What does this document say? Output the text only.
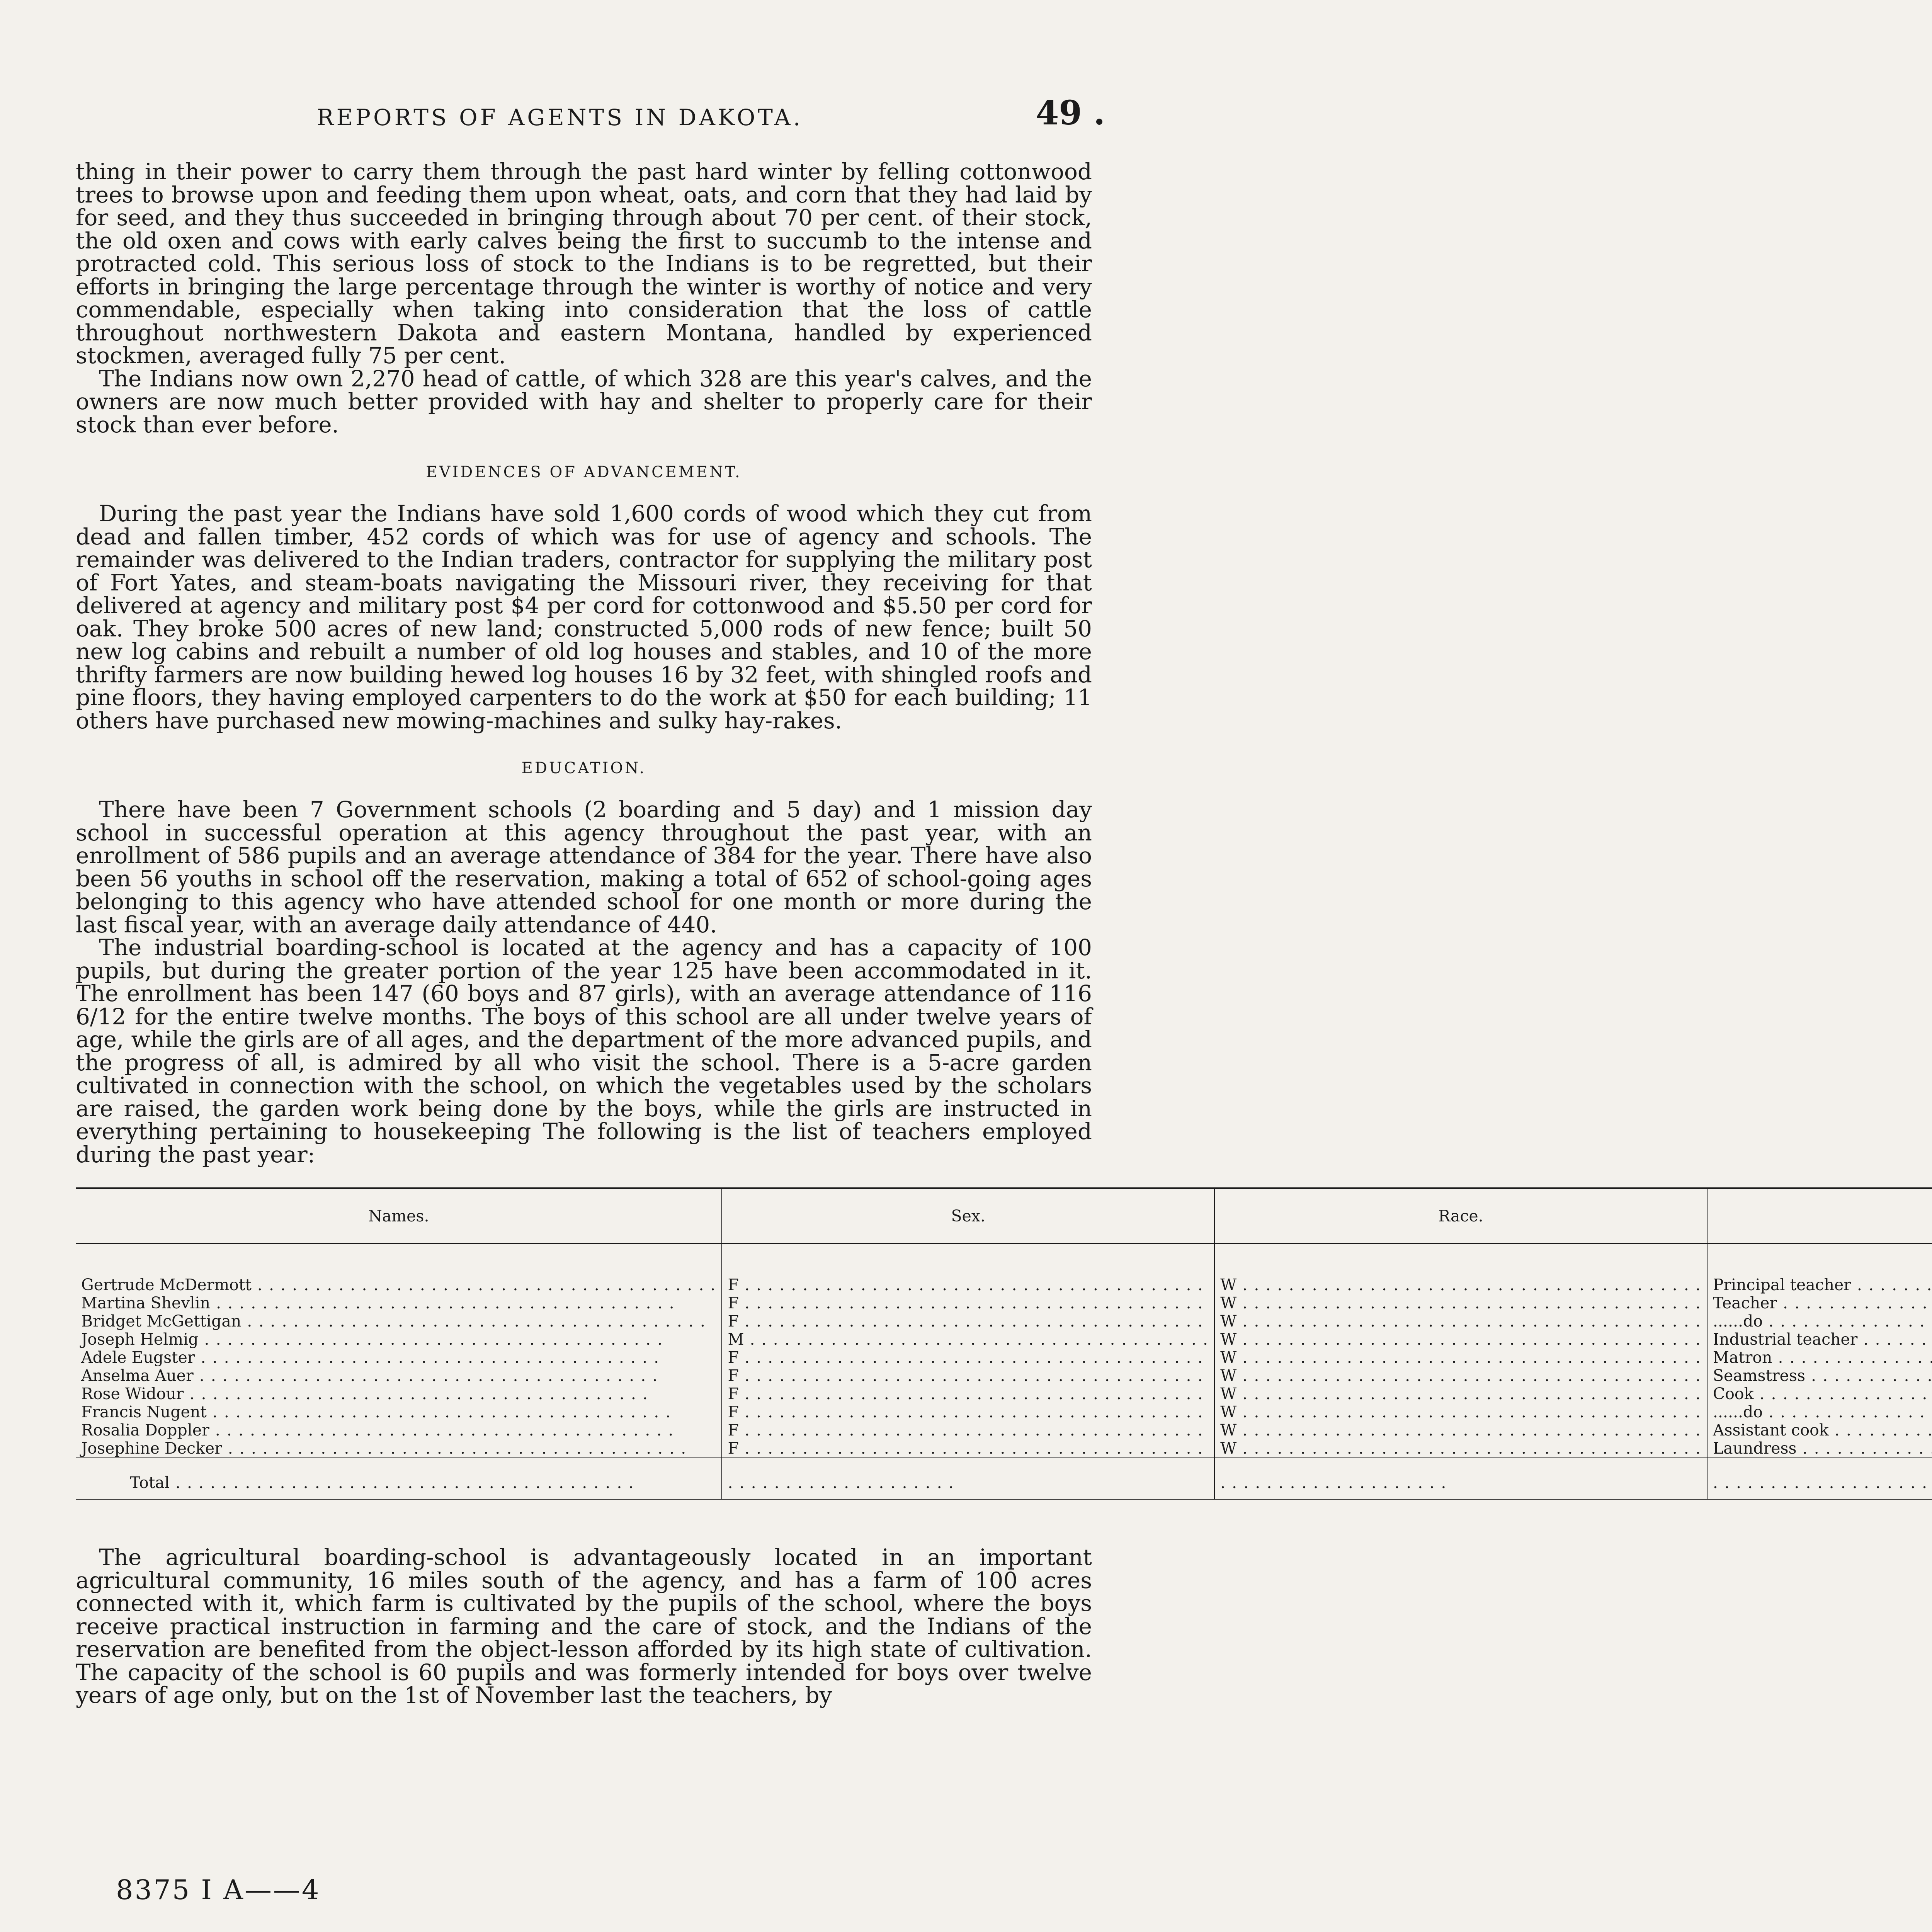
REPORTS OF AGENTS IN DAKOTA.	49 .

thing in their power to carry them through the past hard winter by felling cottonwood trees to browse upon and feeding them upon wheat, oats, and corn that they had laid by for seed, and they thus succeeded in bringing through about 70 per cent. of their stock, the old oxen and cows with early calves being the first to succumb to the intense and protracted cold. This serious loss of stock to the Indians is to be regretted, but their efforts in bringing the large percentage through the winter is worthy of notice and very commendable, especially when taking into consideration that the loss of cattle throughout northwestern Dakota and eastern Montana, handled by experienced stockmen, averaged fully 75 per cent.

The Indians now own 2,270 head of cattle, of which 328 are this year's calves, and the owners are now much better provided with hay and shelter to properly care for their stock than ever before.

EVIDENCES OF ADVANCEMENT.

During the past year the Indians have sold 1,600 cords of wood which they cut from dead and fallen timber, 452 cords of which was for use of agency and schools. The remainder was delivered to the Indian traders, contractor for supplying the military post of Fort Yates, and steam-boats navigating the Missouri river, they receiving for that delivered at agency and military post $4 per cord for cottonwood and $5.50 per cord for oak. They broke 500 acres of new land; constructed 5,000 rods of new fence; built 50 new log cabins and rebuilt a number of old log houses and stables, and 10 of the more thrifty farmers are now building hewed log houses 16 by 32 feet, with shingled roofs and pine floors, they having employed carpenters to do the work at $50 for each building; 11 others have purchased new mowing-machines and sulky hay-rakes.

EDUCATION.

There have been 7 Government schools (2 boarding and 5 day) and 1 mission day school in successful operation at this agency throughout the past year, with an enrollment of 586 pupils and an average attendance of 384 for the year. There have also been 56 youths in school off the reservation, making a total of 652 of school-going ages belonging to this agency who have attended school for one month or more during the last fiscal year, with an average daily attendance of 440.

The industrial boarding-school is located at the agency and has a capacity of 100 pupils, but during the greater portion of the year 125 have been accommodated in it. The enrollment has been 147 (60 boys and 87 girls), with an average attendance of 116 6/12 for the entire twelve months. The boys of this school are all under twelve years of age, while the girls are of all ages, and the department of the more advanced pupils, and the progress of all, is admired by all who visit the school. There is a 5-acre garden cultivated in connection with the school, on which the vegetables used by the scholars are raised, the garden work being done by the boys, while the girls are instructed in everything pertaining to housekeeping The following is the list of teachers employed during the past year:

Names.	Sex.	Race.				

Gertrude McDermott . . .	F . . .	W . . .	Principal teacher . . .			
Martina Shevlin . . .	F . . .	W . . .	Teacher . . .			
Bridget McGettigan . . .	F . . .	W . . .	......do . . .			
Joseph Helmig . . .	M . . .	W . . .	Industrial teacher . . .			
Adele Eugster . . .	F . . .	W . . .	Matron . . .			
Anselma Auer . . .	F . . .	W . . .	Seamstress . . .			
Rose Widour . . .	F . . .	W . . .	Cook . . .			
Francis Nugent . . .	F . . .	W . . .	......do . . .			
Rosalia Doppler . . .	F . . .	W . . .	Assistant cook . . .			
Josephine Decker . . .	F . . .	W . . .	Laundress . . .			
Total . . .	. . .	. . .	. . .			

The agricultural boarding-school is advantageously located in an important agricultural community, 16 miles south of the agency, and has a farm of 100 acres connected with it, which farm is cultivated by the pupils of the school, where the boys receive practical instruction in farming and the care of stock, and the Indians of the reservation are benefited from the object-lesson afforded by its high state of cultivation. The capacity of the school is 60 pupils and was formerly intended for boys over twelve years of age only, but on the 1st of November last the teachers, by

8375 I A——4
